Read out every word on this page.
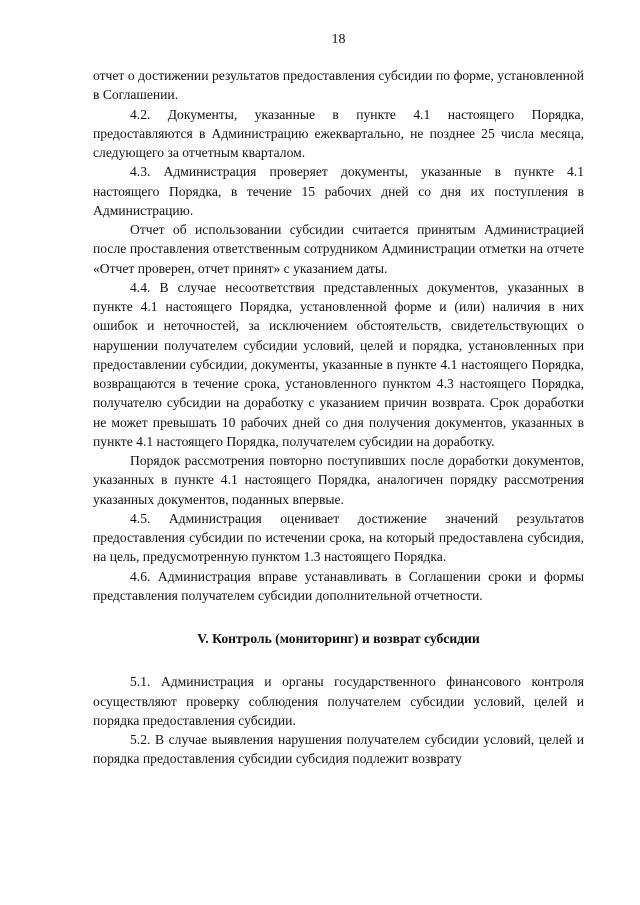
18

отчет о достижении результатов предоставления субсидии по форме, установленной в Соглашении.

4.2. Документы, указанные в пункте 4.1 настоящего Порядка, предоставляются в Администрацию ежеквартально, не позднее 25 числа месяца, следующего за отчетным кварталом.

4.3. Администрация проверяет документы, указанные в пункте 4.1 настоящего Порядка, в течение 15 рабочих дней со дня их поступления в Администрацию.

Отчет об использовании субсидии считается принятым Администрацией после проставления ответственным сотрудником Администрации отметки на отчете «Отчет проверен, отчет принят» с указанием даты.

4.4. В случае несоответствия представленных документов, указанных в пункте 4.1 настоящего Порядка, установленной форме и (или) наличия в них ошибок и неточностей, за исключением обстоятельств, свидетельствующих о нарушении получателем субсидии условий, целей и порядка, установленных при предоставлении субсидии, документы, указанные в пункте 4.1 настоящего Порядка, возвращаются в течение срока, установленного пунктом 4.3 настоящего Порядка, получателю субсидии на доработку с указанием причин возврата. Срок доработки не может превышать 10 рабочих дней со дня получения документов, указанных в пункте 4.1 настоящего Порядка, получателем субсидии на доработку.

Порядок рассмотрения повторно поступивших после доработки документов, указанных в пункте 4.1 настоящего Порядка, аналогичен порядку рассмотрения указанных документов, поданных впервые.

4.5. Администрация оценивает достижение значений результатов предоставления субсидии по истечении срока, на который предоставлена субсидия, на цель, предусмотренную пунктом 1.3 настоящего Порядка.

4.6. Администрация вправе устанавливать в Соглашении сроки и формы представления получателем субсидии дополнительной отчетности.

V. Контроль (мониторинг) и возврат субсидии

5.1. Администрация и органы государственного финансового контроля осуществляют проверку соблюдения получателем субсидии условий, целей и порядка предоставления субсидии.

5.2. В случае выявления нарушения получателем субсидии условий, целей и порядка предоставления субсидии субсидия подлежит возврату
